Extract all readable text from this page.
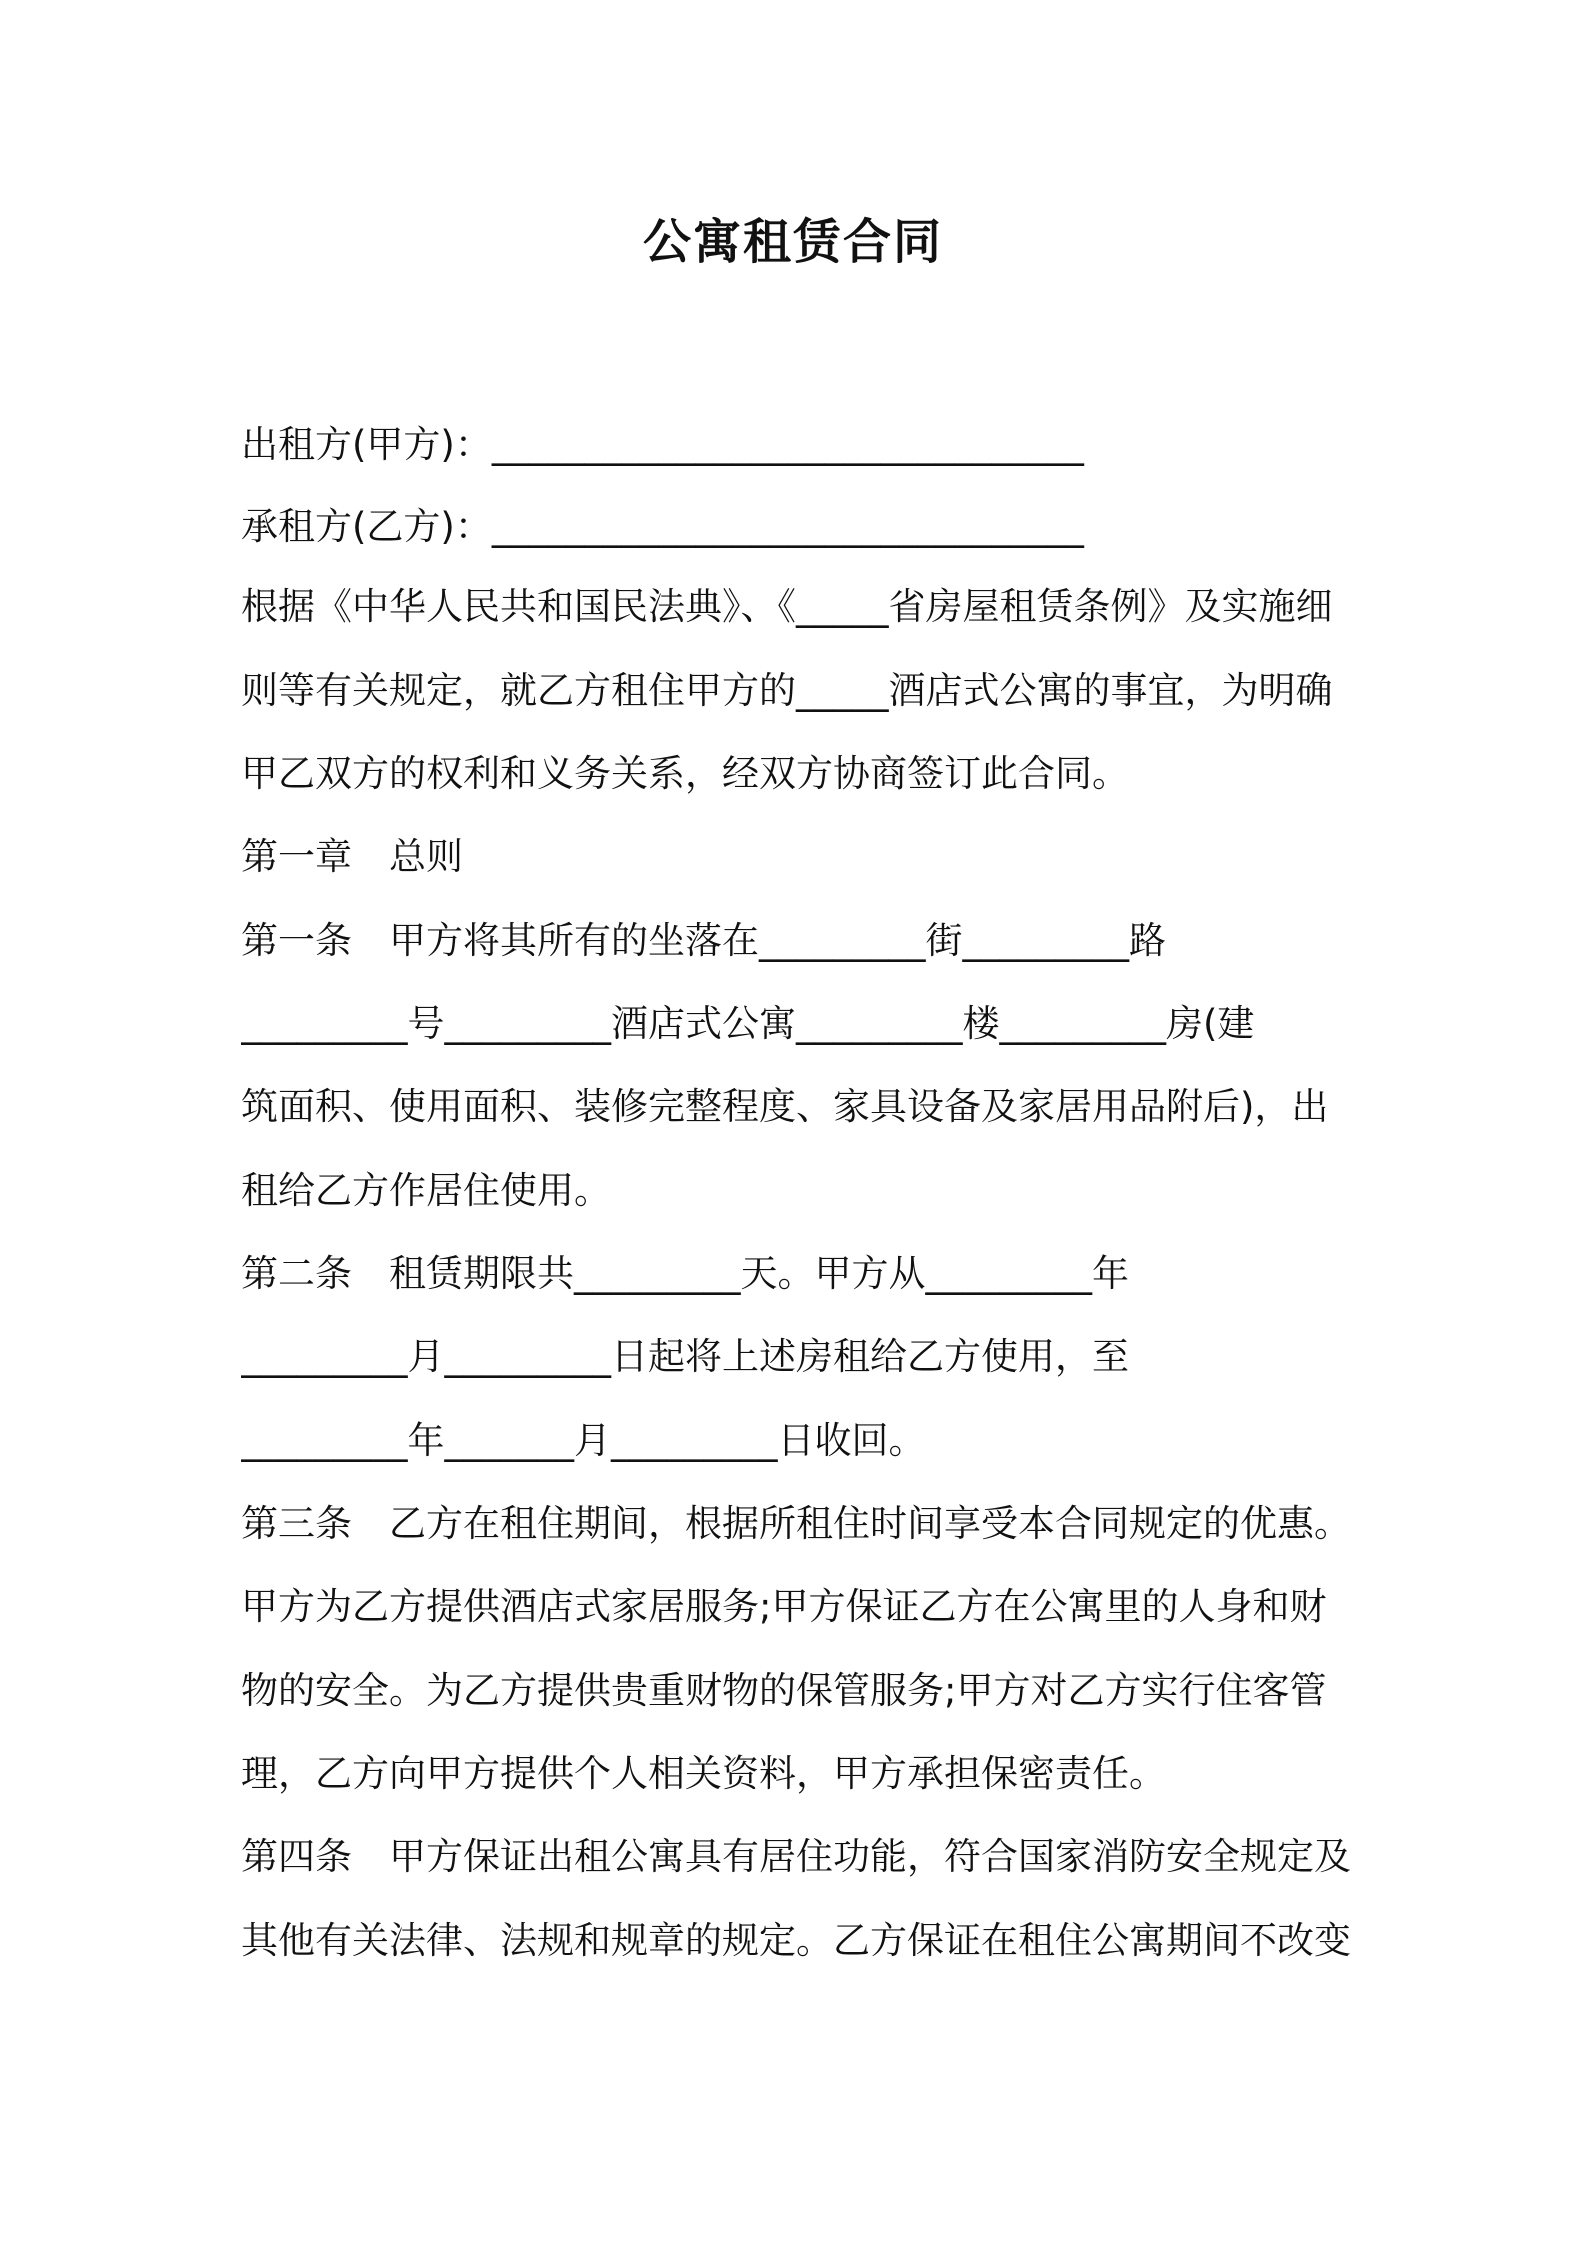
公寓租赁合同
出租方(甲方)：________________________________
承租方(乙方)：________________________________
根据《中华人民共和国民法典》、《_____省房屋租赁条例》及实施细
则等有关规定，就乙方租住甲方的_____酒店式公寓的事宜，为明确
甲乙双方的权利和义务关系，经双方协商签订此合同。
第一章　总则
第一条　甲方将其所有的坐落在_________街_________路
_________号_________酒店式公寓_________楼_________房(建
筑面积、使用面积、装修完整程度、家具设备及家居用品附后)，出
租给乙方作居住使用。
第二条　租赁期限共_________天。甲方从_________年
_________月_________日起将上述房租给乙方使用，至
_________年_______月_________日收回。
第三条　乙方在租住期间，根据所租住时间享受本合同规定的优惠。
甲方为乙方提供酒店式家居服务;甲方保证乙方在公寓里的人身和财
物的安全。为乙方提供贵重财物的保管服务;甲方对乙方实行住客管
理，乙方向甲方提供个人相关资料，甲方承担保密责任。
第四条　甲方保证出租公寓具有居住功能，符合国家消防安全规定及
其他有关法律、法规和规章的规定。乙方保证在租住公寓期间不改变
